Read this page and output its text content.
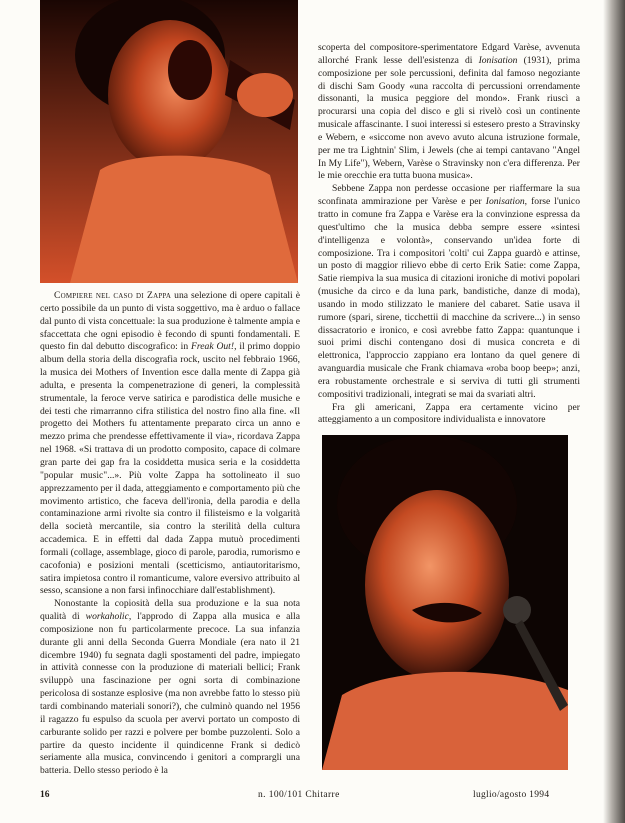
Compiere nel caso di Zappa una selezione di opere capitali è certo possibile da un punto di vista soggettivo, ma è arduo o fallace dal punto di vista concettuale: la sua produzione è talmente ampia e sfaccettata che ogni episodio è fecondo di spunti fondamentali. E questo fin dal debutto discografico: in Freak Out!, il primo doppio album della storia della discografia rock, uscito nel febbraio 1966, la musica dei Mothers of Invention esce dalla mente di Zappa già adulta, e presenta la compenetrazione di generi, la complessità strumentale, la feroce verve satirica e parodistica delle musiche e dei testi che rimarranno cifra stilistica del nostro fino alla fine. «Il progetto dei Mothers fu attentamente preparato circa un anno e mezzo prima che prendesse effettivamente il via», ricordava Zappa nel 1968. «Si trattava di un prodotto composito, capace di colmare gran parte dei gap fra la cosiddetta musica seria e la cosiddetta "popular music"...». Più volte Zappa ha sottolineato il suo apprezzamento per il dada, atteggiamento e comportamento più che movimento artistico, che faceva dell'ironia, della parodia e della contaminazione armi rivolte sia contro il filisteismo e la volgarità della società mercantile, sia contro la sterilità della cultura accademica. E in effetti dal dada Zappa mutuò procedimenti formali (collage, assemblage, gioco di parole, parodia, rumorismo e cacofonia) e posizioni mentali (scetticismo, antiautoritarismo, satira impietosa contro il romanticume, valore eversivo attribuito al sesso, scansione a non farsi infinocchiare dall'establishment).

Nonostante la copiosità della sua produzione e la sua nota qualità di workaholic, l'approdo di Zappa alla musica e alla composizione non fu particolarmente precoce. La sua infanzia durante gli anni della Seconda Guerra Mondiale (era nato il 21 dicembre 1940) fu segnata dagli spostamenti del padre, impiegato in attività connesse con la produzione di materiali bellici; Frank sviluppò una fascinazione per ogni sorta di combinazione pericolosa di sostanze esplosive (ma non avrebbe fatto lo stesso più tardi combinando materiali sonori?), che culminò quando nel 1956 il ragazzo fu espulso da scuola per avervi portato un composto di carburante solido per razzi e polvere per bombe puzzolenti. Solo a partire da questo incidente il quindicenne Frank si dedicò seriamente alla musica, convincendo i genitori a comprargli una batteria. Dello stesso periodo è la

scoperta del compositore-sperimentatore Edgard Varèse, avvenuta allorché Frank lesse dell'esistenza di Ionisation (1931), prima composizione per sole percussioni, definita dal famoso negoziante di dischi Sam Goody «una raccolta di percussioni orrendamente dissonanti, la musica peggiore del mondo». Frank riuscì a procurarsi una copia del disco e gli si rivelò così un continente musicale affascinante. I suoi interessi si estesero presto a Stravinsky e Webern, e «siccome non avevo avuto alcuna istruzione formale, per me tra Lightnin' Slim, i Jewels (che ai tempi cantavano "Angel In My Life"), Webern, Varèse o Stravinsky non c'era differenza. Per le mie orecchie era tutta buona musica».

Sebbene Zappa non perdesse occasione per riaffermare la sua sconfinata ammirazione per Varèse e per Ionisation, forse l'unico tratto in comune fra Zappa e Varèse era la convinzione espressa da quest'ultimo che la musica debba sempre essere «sintesi d'intelligenza e volontà», conservando un'idea forte di composizione. Tra i compositori 'colti' cui Zappa guardò e attinse, un posto di maggior rilievo ebbe di certo Erik Satie: come Zappa, Satie riempiva la sua musica di citazioni ironiche di motivi popolari (musiche da circo e da luna park, bandistiche, danze di moda), usando in modo stilizzato le maniere del cabaret. Satie usava il rumore (spari, sirene, ticchettii di macchine da scrivere...) in senso dissacratorio e ironico, e così avrebbe fatto Zappa: quantunque i suoi primi dischi contengano dosi di musica concreta e di elettronica, l'approccio zappiano era lontano da quel genere di avanguardia musicale che Frank chiamava «roba boop beep»; anzi, era robustamente orchestrale e si serviva di tutti gli strumenti compositivi tradizionali, integrati se mai da svariati altri.

Fra gli americani, Zappa era certamente vicino per atteggiamento a un compositore individualista e innovatore

16	n. 100/101 Chitarre	luglio/agosto 1994
